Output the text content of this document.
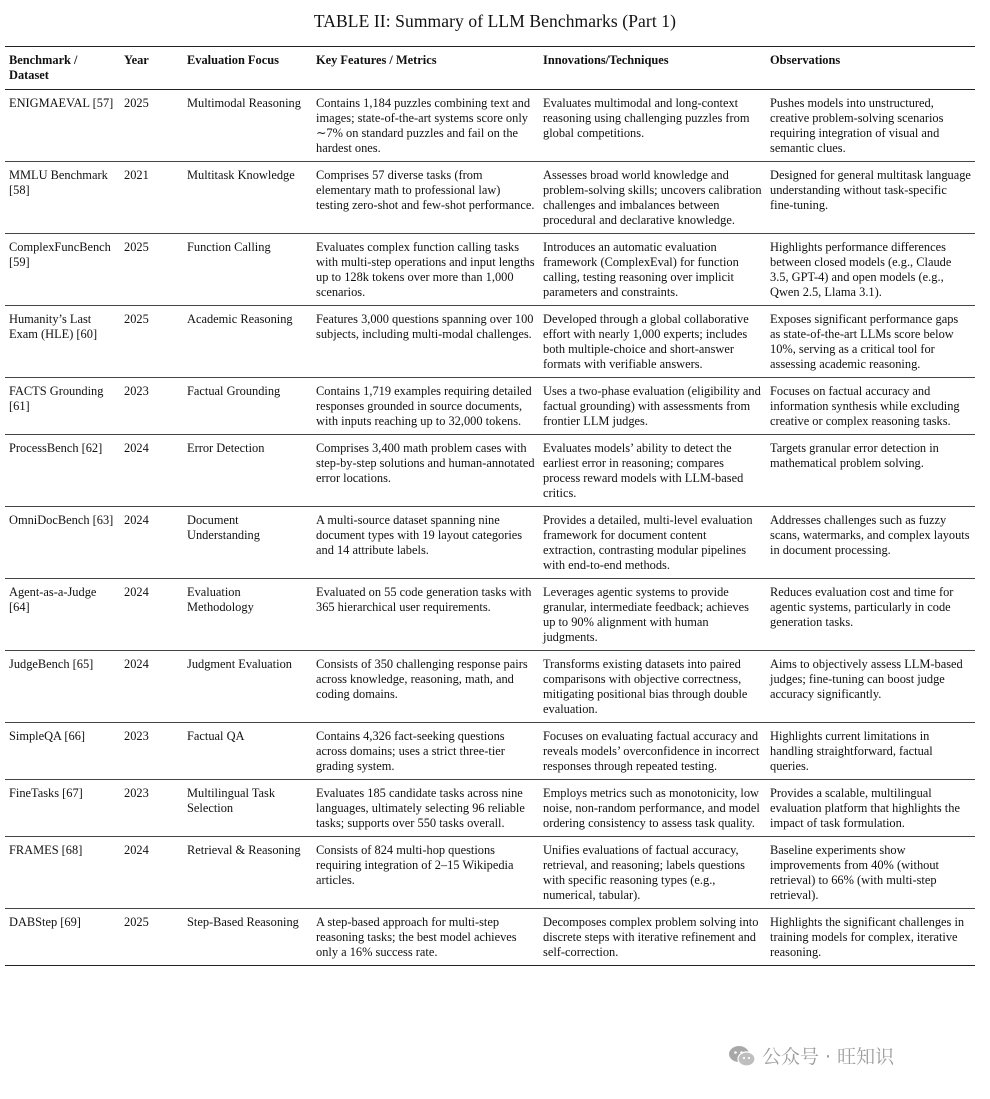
TABLE II: Summary of LLM Benchmarks (Part 1)
Benchmark / Dataset	Year	Evaluation Focus	Key Features / Metrics	Innovations/Techniques	Observations
ENIGMAEVAL [57]	2025	Multimodal Reasoning	Contains 1,184 puzzles combining text and images; state-of-the-art systems score only ∼7% on standard puzzles and fail on the hardest ones.	Evaluates multimodal and long-context reasoning using challenging puzzles from global competitions.	Pushes models into unstructured, creative problem-solving scenarios requiring integration of visual and semantic clues.
MMLU Benchmark [58]	2021	Multitask Knowledge	Comprises 57 diverse tasks (from elementary math to professional law) testing zero-shot and few-shot performance.	Assesses broad world knowledge and problem-solving skills; uncovers calibration challenges and imbalances between procedural and declarative knowledge.	Designed for general multitask language understanding without task-specific fine-tuning.
ComplexFuncBench [59]	2025	Function Calling	Evaluates complex function calling tasks with multi-step operations and input lengths up to 128k tokens over more than 1,000 scenarios.	Introduces an automatic evaluation framework (ComplexEval) for function calling, testing reasoning over implicit parameters and constraints.	Highlights performance differences between closed models (e.g., Claude 3.5, GPT-4) and open models (e.g., Qwen 2.5, Llama 3.1).
Humanity’s Last Exam (HLE) [60]	2025	Academic Reasoning	Features 3,000 questions spanning over 100 subjects, including multi-modal challenges.	Developed through a global collaborative effort with nearly 1,000 experts; includes both multiple-choice and short-answer formats with verifiable answers.	Exposes significant performance gaps as state-of-the-art LLMs score below 10%, serving as a critical tool for assessing academic reasoning.
FACTS Grounding [61]	2023	Factual Grounding	Contains 1,719 examples requiring detailed responses grounded in source documents, with inputs reaching up to 32,000 tokens.	Uses a two-phase evaluation (eligibility and factual grounding) with assessments from frontier LLM judges.	Focuses on factual accuracy and information synthesis while excluding creative or complex reasoning tasks.
ProcessBench [62]	2024	Error Detection	Comprises 3,400 math problem cases with step-by-step solutions and human-annotated error locations.	Evaluates models’ ability to detect the earliest error in reasoning; compares process reward models with LLM-based critics.	Targets granular error detection in mathematical problem solving.
OmniDocBench [63]	2024	Document Understanding	A multi-source dataset spanning nine document types with 19 layout categories and 14 attribute labels.	Provides a detailed, multi-level evaluation framework for document content extraction, contrasting modular pipelines with end-to-end methods.	Addresses challenges such as fuzzy scans, watermarks, and complex layouts in document processing.
Agent-as-a-Judge [64]	2024	Evaluation Methodology	Evaluated on 55 code generation tasks with 365 hierarchical user requirements.	Leverages agentic systems to provide granular, intermediate feedback; achieves up to 90% alignment with human judgments.	Reduces evaluation cost and time for agentic systems, particularly in code generation tasks.
JudgeBench [65]	2024	Judgment Evaluation	Consists of 350 challenging response pairs across knowledge, reasoning, math, and coding domains.	Transforms existing datasets into paired comparisons with objective correctness, mitigating positional bias through double evaluation.	Aims to objectively assess LLM-based judges; fine-tuning can boost judge accuracy significantly.
SimpleQA [66]	2023	Factual QA	Contains 4,326 fact-seeking questions across domains; uses a strict three-tier grading system.	Focuses on evaluating factual accuracy and reveals models’ overconfidence in incorrect responses through repeated testing.	Highlights current limitations in handling straightforward, factual queries.
FineTasks [67]	2023	Multilingual Task Selection	Evaluates 185 candidate tasks across nine languages, ultimately selecting 96 reliable tasks; supports over 550 tasks overall.	Employs metrics such as monotonicity, low noise, non-random performance, and model ordering consistency to assess task quality.	Provides a scalable, multilingual evaluation platform that highlights the impact of task formulation.
FRAMES [68]	2024	Retrieval & Reasoning	Consists of 824 multi-hop questions requiring integration of 2–15 Wikipedia articles.	Unifies evaluations of factual accuracy, retrieval, and reasoning; labels questions with specific reasoning types (e.g., numerical, tabular).	Baseline experiments show improvements from 40% (without retrieval) to 66% (with multi-step retrieval).
DABStep [69]	2025	Step-Based Reasoning	A step-based approach for multi-step reasoning tasks; the best model achieves only a 16% success rate.	Decomposes complex problem solving into discrete steps with iterative refinement and self-correction.	Highlights the significant challenges in training models for complex, iterative reasoning.
公众号 · 旺知识
